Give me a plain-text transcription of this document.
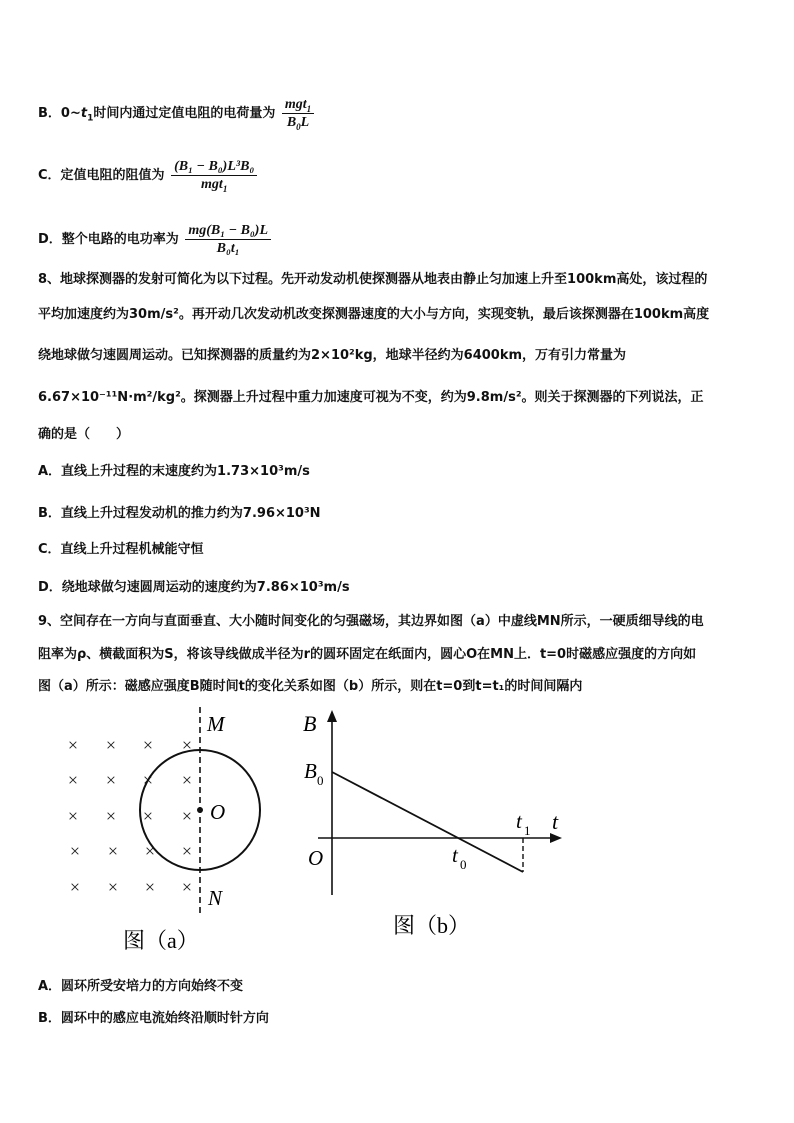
B．$0\sim t_1$时间内通过定值电阻的电荷量为 $\frac{mgt_1}{B_0L}$
C．定值电阻的阻值为 $\frac{\text{(B₁ − B₀)L³B₀}}{mgt_1}$
D．整个电路的电功率为 $\frac{\text{mg(B₁ − B₀)L}}{\text{B₀t₁}}$
8、地球探测器的发射可简化为以下过程。先开动发动机使探测器从地表由静止匀加速上升至100km高处，该过程的
平均加速度约为30m/s²。再开动几次发动机改变探测器速度的大小与方向，实现变轨，最后该探测器在100km高度
绕地球做匀速圆周运动。已知探测器的质量约为2×10²kg，地球半径约为6400km，万有引力常量为
6.67×10⁻¹¹N·m²/kg²。探测器上升过程中重力加速度可视为不变，约为9.8m/s²。则关于探测器的下列说法，正
确的是（　　）
A．直线上升过程的末速度约为1.73×10³m/s
B．直线上升过程发动机的推力约为7.96×10³N
C．直线上升过程机械能守恒
D．绕地球做匀速圆周运动的速度约为7.86×10³m/s
9、空间存在一方向与直面垂直、大小随时间变化的匀强磁场，其边界如图（a）中虚线MN所示，一硬质细导线的电
阻率为ρ、横截面积为S，将该导线做成半径为r的圆环固定在纸面内，圆心O在MN上．t=0时磁感应强度的方向如
图（a）所示：磁感应强度B随时间t的变化关系如图（b）所示，则在t=0到t=t₁的时间间隔内
× × × ×
× × × ×
× × × ×
× × × ×
× × × ×
M
O
N
图（a）
B
t
O
B 0
t 0
t 1
图（b）
A．圆环所受安培力的方向始终不变
B．圆环中的感应电流始终沿顺时针方向
